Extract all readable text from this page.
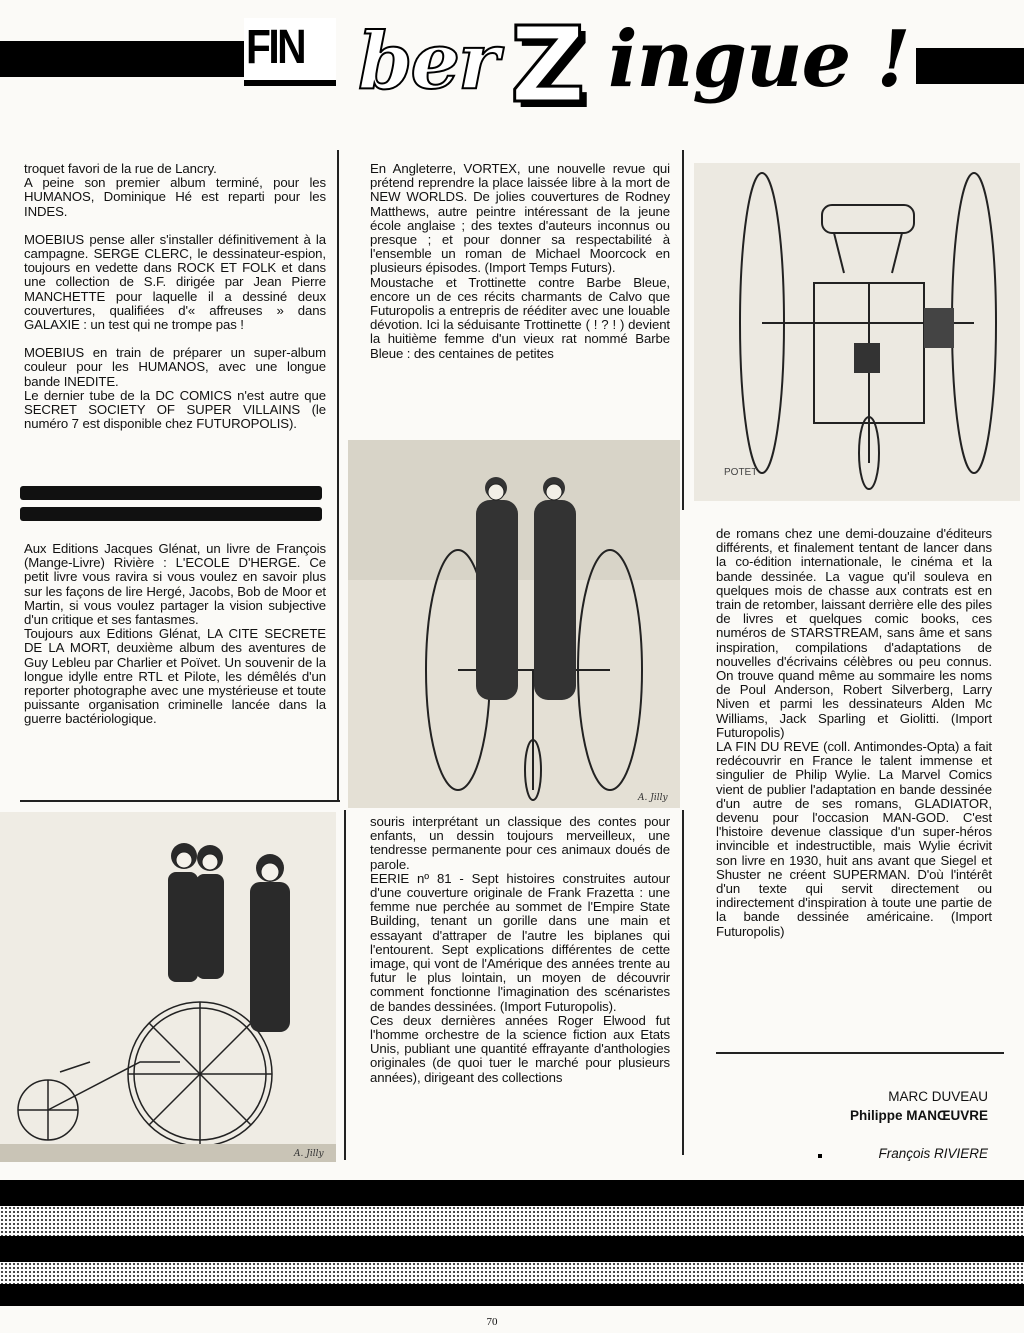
FIN ber Z ingue !

troquet favori de la rue de Lancry.

A peine son premier album terminé, pour les HUMANOS, Dominique Hé est reparti pour les INDES.

MOEBIUS pense aller s'installer définitivement à la campagne. SERGE CLERC, le dessinateur-espion, toujours en vedette dans ROCK ET FOLK et dans une collection de S.F. dirigée par Jean Pierre MANCHETTE pour laquelle il a dessiné deux couvertures, qualifiées d'« affreuses » dans GALAXIE : un test qui ne trompe pas !

MOEBIUS en train de préparer un super-album couleur pour les HUMANOS, avec une longue bande INEDITE.

Le dernier tube de la DC COMICS n'est autre que SECRET SOCIETY OF SUPER VILLAINS (le numéro 7 est disponible chez FUTUROPOLIS).

Aux Editions Jacques Glénat, un livre de François (Mange-Livre) Rivière : L'ECOLE D'HERGE. Ce petit livre vous ravira si vous voulez en savoir plus sur les façons de lire Hergé, Jacobs, Bob de Moor et Martin, si vous voulez partager la vision subjective d'un critique et ses fantasmes.

Toujours aux Editions Glénat, LA CITE SECRETE DE LA MORT, deuxième album des aventures de Guy Lebleu par Charlier et Poïvet. Un souvenir de la longue idylle entre RTL et Pilote, les démêlés d'un reporter photographe avec une mystérieuse et toute puissante organisation criminelle lancée dans la guerre bactériologique.

A. Jilly

En Angleterre, VORTEX, une nouvelle revue qui prétend reprendre la place laissée libre à la mort de NEW WORLDS. De jolies couvertures de Rodney Matthews, autre peintre intéressant de la jeune école anglaise ; des textes d'auteurs inconnus ou presque ; et pour donner sa respectabilité à l'ensemble un roman de Michael Moorcock en plusieurs épisodes. (Import Temps Futurs).

Moustache et Trottinette contre Barbe Bleue, encore un de ces récits charmants de Calvo que Futuropolis a entrepris de rééditer avec une louable dévotion. Ici la séduisante Trottinette ( ! ? ! ) devient la huitième femme d'un vieux rat nommé Barbe Bleue : des centaines de petites

A. Jilly

souris interprétant un classique des contes pour enfants, un dessin toujours merveilleux, une tendresse permanente pour ces animaux doués de parole.

EERIE nº 81 - Sept histoires construites autour d'une couverture originale de Frank Frazetta : une femme nue perchée au sommet de l'Empire State Building, tenant un gorille dans une main et essayant d'attraper de l'autre les biplanes qui l'entourent. Sept explications différentes de cette image, qui vont de l'Amérique des années trente au futur le plus lointain, un moyen de découvrir comment fonctionne l'imagination des scénaristes de bandes dessinées. (Import Futuropolis).

Ces deux dernières années Roger Elwood fut l'homme orchestre de la science fiction aux Etats Unis, publiant une quantité effrayante d'anthologies originales (de quoi tuer le marché pour plusieurs années), dirigeant des collections

POTET

de romans chez une demi-douzaine d'éditeurs différents, et finalement tentant de lancer dans la co-édition internationale, le cinéma et la bande dessinée. La vague qu'il souleva en quelques mois de chasse aux contrats est en train de retomber, laissant derrière elle des piles de livres et quelques comic books, ces numéros de STARSTREAM, sans âme et sans inspiration, compilations d'adaptations de nouvelles d'écrivains célèbres ou peu connus. On trouve quand même au sommaire les noms de Poul Anderson, Robert Silverberg, Larry Niven et parmi les dessinateurs Alden Mc Williams, Jack Sparling et Giolitti. (Import Futuropolis)

LA FIN DU REVE (coll. Antimondes-Opta) a fait redécouvrir en France le talent immense et singulier de Philip Wylie. La Marvel Comics vient de publier l'adaptation en bande dessinée d'un autre de ses romans, GLADIATOR, devenu pour l'occasion MAN-GOD. C'est l'histoire devenue classique d'un super-héros invincible et indestructible, mais Wylie écrivit son livre en 1930, huit ans avant que Siegel et Shuster ne créent SUPERMAN. D'où l'intérêt d'un texte qui servit directement ou indirectement d'inspiration à toute une partie de la bande dessinée américaine. (Import Futuropolis)

MARC DUVEAU
Philippe MANŒUVRE
François RIVIERE
70
